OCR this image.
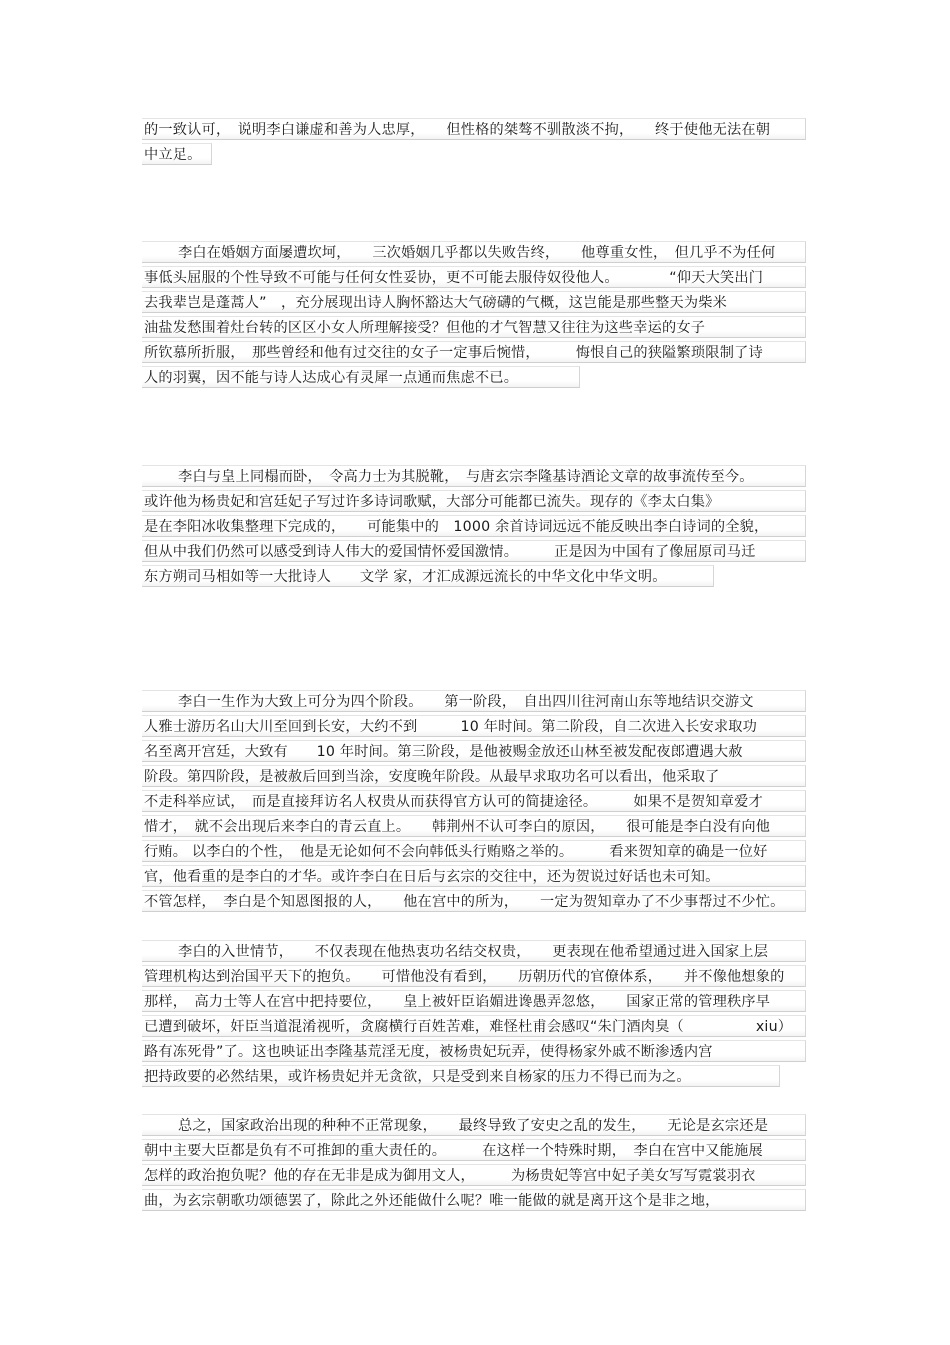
的一致认可，　说明李白谦虚和善为人忠厚，　　但性格的桀骜不驯散淡不拘，　　终于使他无法在朝
中立足。
李白在婚姻方面屡遭坎坷，　　三次婚姻几乎都以失败告终，　　他尊重女性，　但几乎不为任何
事低头屈服的个性导致不可能与任何女性妥协，更不可能去服侍奴役他人。　　　　“仰天大笑出门
去我辈岂是蓬蒿人”　，充分展现出诗人胸怀豁达大气磅礴的气概，这岂能是那些整天为柴米
油盐发愁围着灶台转的区区小女人所理解接受？但他的才气智慧又往往为这些幸运的女子
所钦慕所折服，　那些曾经和他有过交往的女子一定事后惋惜，　　　悔恨自己的狭隘繁琐限制了诗
人的羽翼，因不能与诗人达成心有灵犀一点通而焦虑不已。
李白与皇上同榻而卧，　令高力士为其脱靴，　与唐玄宗李隆基诗酒论文章的故事流传至今。
或许他为杨贵妃和宫廷妃子写过许多诗词歌赋，大部分可能都已流失。现存的《李太白集》
是在李阳冰收集整理下完成的，　　可能集中的　1000 余首诗词远远不能反映出李白诗词的全貌，
但从中我们仍然可以感受到诗人伟大的爱国情怀爱国激情。　　　正是因为中国有了像屈原司马迁
东方朔司马相如等一大批诗人　　文学 家，才汇成源远流长的中华文化中华文明。
李白一生作为大致上可分为四个阶段。　　第一阶段，　自出四川往河南山东等地结识交游文
人雅士游历名山大川至回到长安，大约不到　　　10 年时间。第二阶段，自二次进入长安求取功
名至离开宫廷，大致有　　10 年时间。第三阶段，是他被赐金放还山林至被发配夜郎遭遇大赦
阶段。第四阶段，是被赦后回到当涂，安度晚年阶段。从最早求取功名可以看出，他采取了
不走科举应试，　而是直接拜访名人权贵从而获得官方认可的简捷途径。　　　如果不是贺知章爱才
惜才，　就不会出现后来李白的青云直上。　　韩荆州不认可李白的原因，　　很可能是李白没有向他
行贿。 以李白的个性，　他是无论如何不会向韩低头行贿赂之举的。　　　看来贺知章的确是一位好
官，他看重的是李白的才华。或许李白在日后与玄宗的交往中，还为贺说过好话也未可知。
不管怎样，　李白是个知恩图报的人，　　他在宫中的所为，　　一定为贺知章办了不少事帮过不少忙。
李白的入世情节，　　不仅表现在他热衷功名结交权贵，　　更表现在他希望通过进入国家上层
管理机构达到治国平天下的抱负。　　可惜他没有看到，　　历朝历代的官僚体系，　　并不像他想象的
那样，　高力士等人在宫中把持要位，　　皇上被奸臣谄媚进谗愚弄忽悠，　　国家正常的管理秩序早
已遭到破坏，奸臣当道混淆视听，贪腐横行百姓苦难，难怪杜甫会感叹“朱门酒肉臭（　　　　　xiu）
路有冻死骨”了。这也映证出李隆基荒淫无度，被杨贵妃玩弄，使得杨家外戚不断渗透内宫
把持政要的必然结果，或许杨贵妃并无贪欲，只是受到来自杨家的压力不得已而为之。
总之，国家政治出现的种种不正常现象，　　最终导致了安史之乱的发生，　　无论是玄宗还是
朝中主要大臣都是负有不可推卸的重大责任的。　　　在这样一个特殊时期，　李白在宫中又能施展
怎样的政治抱负呢？他的存在无非是成为御用文人，　　　为杨贵妃等宫中妃子美女写写霓裳羽衣
曲，为玄宗朝歌功颂德罢了，除此之外还能做什么呢？唯一能做的就是离开这个是非之地，
